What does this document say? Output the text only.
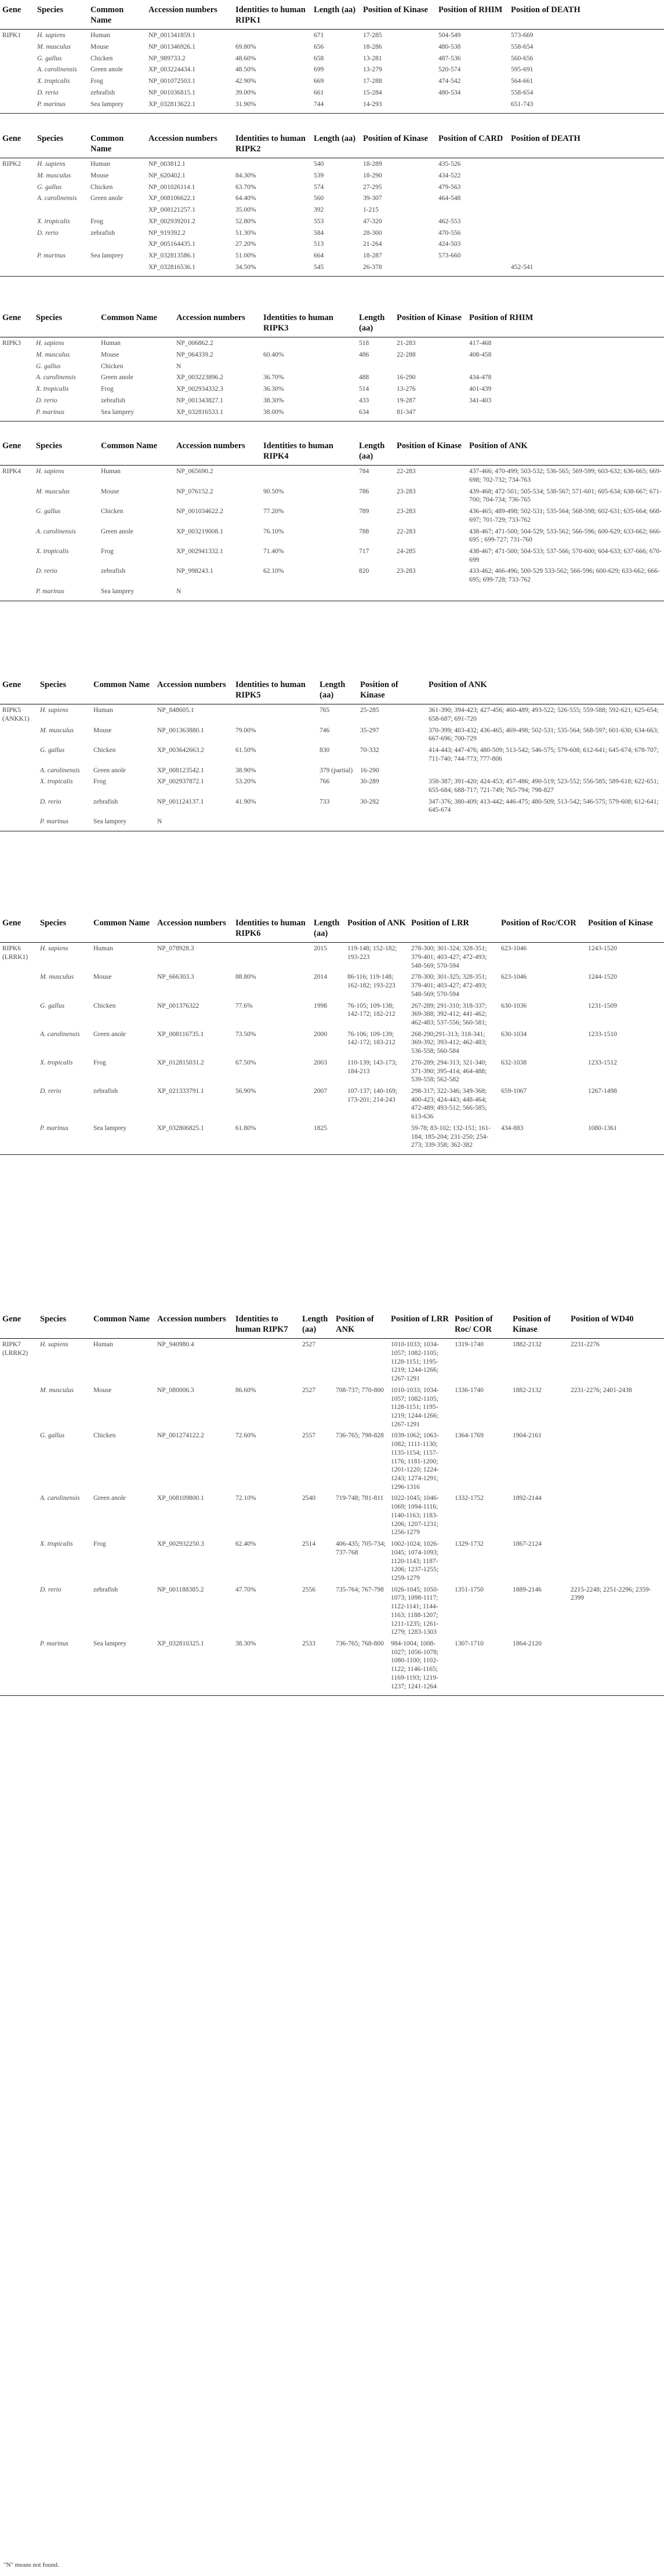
Gene	Species	Common Name	Accession numbers	Identities to human RIPK1	Length (aa)	Position of Kinase	Position of RHIM	Position of DEATH
RIPK1	H. sapiens	Human	NP_001341859.1		671	17-285	504-549	573-669
	M. musculus	Mouse	NP_001346926.1	69.80%	656	18-286	480-538	558-654
	G. gallus	Chicken	NP_989733.2	48.60%	658	13-281	487-536	560-656
	A. carolinensis	Green anole	XP_003224434.1	48.50%	699	13-279	520-574	595-691
	X. tropicalis	Frog	NP_001072503.1	42.90%	669	17-288	474-542	564-661
	D. rerio	zebrafish	NP_001036815.1	39.00%	661	15-284	480-534	558-654
	P. marinus	Sea lamprey	XP_032813622.1	31.90%	744	14-293		651-743
Gene	Species	Common Name	Accession numbers	Identities to human RIPK2	Length (aa)	Position of Kinase	Position of CARD	Position of DEATH
RIPK2	H. sapiens	Human	NP_003812.1		540	18-289	435-526	
	M. musculus	Mouse	NP_620402.1	84.30%	539	18-290	434-522	
	G. gallus	Chicken	NP_001026114.1	63.70%	574	27-295	479-563	
	A. carolinensis	Green anole	XP_008106622.1	64.40%	560	39-307	464-548	
			XP_008121257.1	35.00%	392	1-215		
	X. tropicalis	Frog	XP_002939201.2	52.80%	553	47-320	462-553	
	D. rerio	zebrafish	NP_919392.2	51.30%	584	28-300	470-556	
			XP_005164435.1	27.20%	513	21-264	424-503	
	P. marinus	Sea lamprey	XP_032813586.1	51.00%	664	18-287	573-660	
			XP_032816536.1	34.50%	545	26-378		452-541
Gene	Species	Common Name	Accession numbers	Identities to human RIPK3	Length (aa)	Position of Kinase	Position of RHIM
RIPK3	H. sapiens	Human	NP_006862.2		518	21-283	417-468
	M. musculus	Mouse	NP_064339.2	60.40%	486	22-288	408-458
	G. gallus	Chicken	N				
	A. carolinensis	Green anole	XP_003223896.2	36.70%	488	16-290	434-478
	X. tropicalis	Frog	XP_002934332.3	36.30%	514	13-276	401-439
	D. rerio	zebrafish	NP_001343827.1	38.30%	433	19-287	341-403
	P. marinus	Sea lamprey	XP_032816533.1	38.00%	634	81-347	
Gene	Species	Common Name	Accession numbers	Identities to human RIPK4	Length (aa)	Position of Kinase	Position of ANK
RIPK4	H. sapiens	Human	NP_065690.2		784	22-283	437-466; 470-499; 503-532; 536-565; 569-599; 603-632; 636-665; 669-698; 702-732; 734-763
	M. musculus	Mouse	NP_076152.2	90.50%	786	23-283	439-468; 472-501; 505-534; 538-567; 571-601; 605-634; 638-667; 671-700; 704-734; 736-765
	G. gallus	Chicken	NP_001034622.2	77.20%	789	23-283	436-465; 489-498; 502-531; 535-564; 568-598; 602-631; 635-664; 668-697; 701-729; 733-762
	A. carolinensis	Green anole	XP_003219008.1	76.10%	788	22-283	438-467; 471-500; 504-529; 533-562; 566-596; 600-629; 633-662; 666-695 ; 699-727; 731-760
	X. tropicalis	Frog	XP_002941332.1	71.40%	717	24-285	438-467; 471-500; 504-533; 537-566; 570-600; 604-633; 637-666; 670-699
	D. rerio	zebrafish	NP_998243.1	62.10%	820	23-283	433-462; 466-496; 500-529 533-562; 566-596; 600-629; 633-662; 666-695; 699-728; 733-762
	P. marinus	Sea lamprey	N				
Gene	Species	Common Name	Accession numbers	Identities to human RIPK5	Length (aa)	Position of Kinase	Position of ANK
RIPK5 (ANKK1)	H. sapiens	Human	NP_848605.1		765	25-285	361-390; 394-423; 427-456; 460-489; 493-522; 526-555; 559-588; 592-621; 625-654; 658-687; 691-720
	M. musculus	Mouse	NP_001363880.1	79.00%	746	35-297	370-399; 403-432; 436-465; 469-498; 502-531; 535-564; 568-597; 601-630; 634-663; 667-696; 700-729
	G. gallus	Chicken	XP_003642663.2	61.50%	830	70-332	414-443; 447-476; 480-509; 513-542; 546-575; 579-608; 612-641; 645-674; 678-707; 711-740; 744-773; 777-806
	A. carolinensis	Green anole	XP_008123542.1	38.90%	379 (partial)	16-290	
	X. tropicalis	Frog	XP_002937872.1	53.20%	766	30-289	358-387; 391-420; 424-453; 457-486; 490-519; 523-552; 556-585; 589-618; 622-651; 655-684; 688-717; 721-749; 765-794; 798-827
	D. rerio	zebrafish	NP_001124137.1	41.90%	733	30-282	347-376; 380-409; 413-442; 446-475; 480-509; 513-542; 546-575; 579-608; 612-641; 645-674
	P. marinus	Sea lamprey	N				
Gene	Species	Common Name	Accession numbers	Identities to human RIPK6	Length (aa)	Position of ANK	Position of LRR	Position of Roc/COR	Position of Kinase
RIPK6 (LRRK1)	H. sapiens	Human	NP_078928.3		2015	119-148; 152-182; 193-223	278-300; 301-324; 328-351; 379-401; 403-427; 472-493; 548-569; 570-594	623-1046	1243-1520
	M. musculus	Mouse	NP_666303.3	88.80%	2014	86-116; 119-148; 162-182; 193-223	278-300; 301-325; 328-351; 379-401; 403-427; 472-493; 548-569; 570-594	623-1046	1244-1520
	G. gallus	Chicken	NP_001376322	77.6%	1998	76-105; 109-138; 142-172; 182-212	267-289; 291-310; 318-337; 369-388; 392-412; 441-462; 462-483; 537-556; 560-581;	630-1036	1231-1509
	A. carolinensis	Green anole	XP_008116735.1	73.50%	2000	76-106; 109-139; 142-172; 183-212	268-290;291-313; 318-341; 369-392; 393-412; 462-483; 536-558; 560-584	630-1034	1233-1510
	X. tropicalis	Frog	XP_012815031.2	67.50%	2003	110-139; 143-173; 184-213	270-289; 294-313; 321-340; 371-390; 395-414; 464-488; 539-558; 562-582	632-1038	1233-1512
	D. rerio	zebrafish	XP_021333791.1	56.90%	2007	107-137; 140-169; 173-201; 214-243	298-317; 322-346; 349-368; 400-423; 424-443; 448-464; 472-489; 493-512; 566-585; 613-636	659-1067	1267-1498
	P. marinus	Sea lamprey	XP_032806825.1	61.80%	1825		59-78; 83-102; 132-151; 161-184; 185-204; 231-250; 254-273; 339-358; 362-382	434-883	1080-1361
Gene	Species	Common Name	Accession numbers	Identities to human RIPK7	Length (aa)	Position of ANK	Position of LRR	Position of Roc/ COR	Position of Kinase	Position of WD40
RIPK7 (LRRK2)	H. sapiens	Human	NP_940980.4		2527		1010-1033; 1034-1057; 1082-1105; 1128-1151; 1195-1219; 1244-1266; 1267-1291	1319-1740	1882-2132	2231-2276
	M. musculus	Mouse	NP_080006.3	86.60%	2527	708-737; 770-800	1010-1033; 1034-1057; 1082-1105; 1128-1151; 1195-1219; 1244-1266; 1267-1291	1336-1740	1882-2132	2231-2276; 2401-2438
	G. gallus	Chicken	NP_001274122.2	72.60%	2557	736-765; 798-828	1039-1062; 1063-1082; 1111-1130; 1135-1154; 1157-1176; 1181-1200; 1201-1220; 1224-1243; 1274-1291; 1296-1316	1364-1769	1904-2161	
	A. carolinensis	Green anole	XP_008109800.1	72.10%	2540	719-748; 781-811	1022-1045; 1046-1069; 1094-1116; 1140-1163; 1183-1206; 1207-1231; 1256-1279	1332-1752	1892-2144	
	X. tropicalis	Frog	XP_002932250.3	62.40%	2514	406-435; 705-734; 737-768	1002-1024; 1026-1045; 1074-1093; 1120-1143; 1187-1206; 1237-1255; 1259-1279	1329-1732	1867-2124	
	D. rerio	zebrafish	NP_001188385.2	47.70%	2556	735-764; 767-798	1026-1045; 1050-1073; 1098-1117; 1122-1141; 1144-1163; 1188-1207; 1211-1235; 1261-1279; 1283-1303	1351-1750	1889-2146	2215-2248; 2251-2296; 2359-2399
	P. marinus	Sea lamprey	XP_032810325.1	38.30%	2533	736-765; 768-800	984-1004; 1008-1027; 1056-1078; 1080-1100; 1102-1122; 1146-1165; 1169-1193; 1219-1237; 1241-1264	1307-1710	1864-2120	
"N" means not found.
